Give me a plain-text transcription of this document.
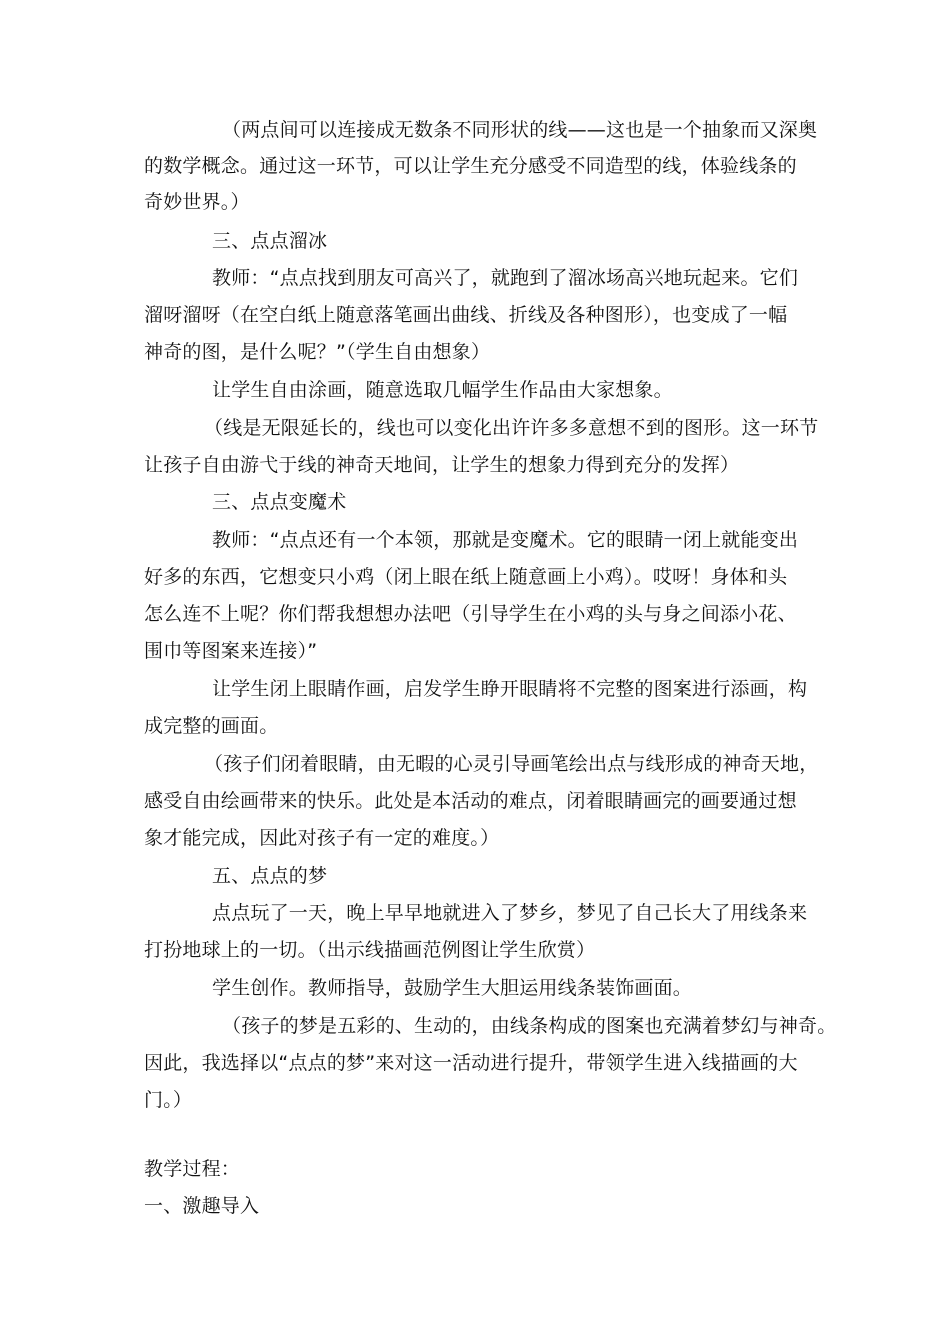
（两点间可以连接成无数条不同形状的线——这也是一个抽象而又深奥
的数学概念。通过这一环节，可以让学生充分感受不同造型的线，体验线条的
奇妙世界。）
三、点点溜冰
教师：“点点找到朋友可高兴了，就跑到了溜冰场高兴地玩起来。它们
溜呀溜呀（在空白纸上随意落笔画出曲线、折线及各种图形），也变成了一幅
神奇的图，是什么呢？”（学生自由想象）
让学生自由涂画，随意选取几幅学生作品由大家想象。
（线是无限延长的，线也可以变化出许许多多意想不到的图形。这一环节
让孩子自由游弋于线的神奇天地间，让学生的想象力得到充分的发挥）
三、点点变魔术
教师：“点点还有一个本领，那就是变魔术。它的眼睛一闭上就能变出
好多的东西，它想变只小鸡（闭上眼在纸上随意画上小鸡）。哎呀！身体和头
怎么连不上呢？你们帮我想想办法吧（引导学生在小鸡的头与身之间添小花、
围巾等图案来连接）”
让学生闭上眼睛作画，启发学生睁开眼睛将不完整的图案进行添画，构
成完整的画面。
（孩子们闭着眼睛，由无暇的心灵引导画笔绘出点与线形成的神奇天地，
感受自由绘画带来的快乐。此处是本活动的难点，闭着眼睛画完的画要通过想
象才能完成，因此对孩子有一定的难度。）
五、点点的梦
点点玩了一天，晚上早早地就进入了梦乡，梦见了自己长大了用线条来
打扮地球上的一切。（出示线描画范例图让学生欣赏）
学生创作。教师指导，鼓励学生大胆运用线条装饰画面。
（孩子的梦是五彩的、生动的，由线条构成的图案也充满着梦幻与神奇。
因此，我选择以“点点的梦”来对这一活动进行提升，带领学生进入线描画的大
门。）
教学过程：
一、激趣导入
